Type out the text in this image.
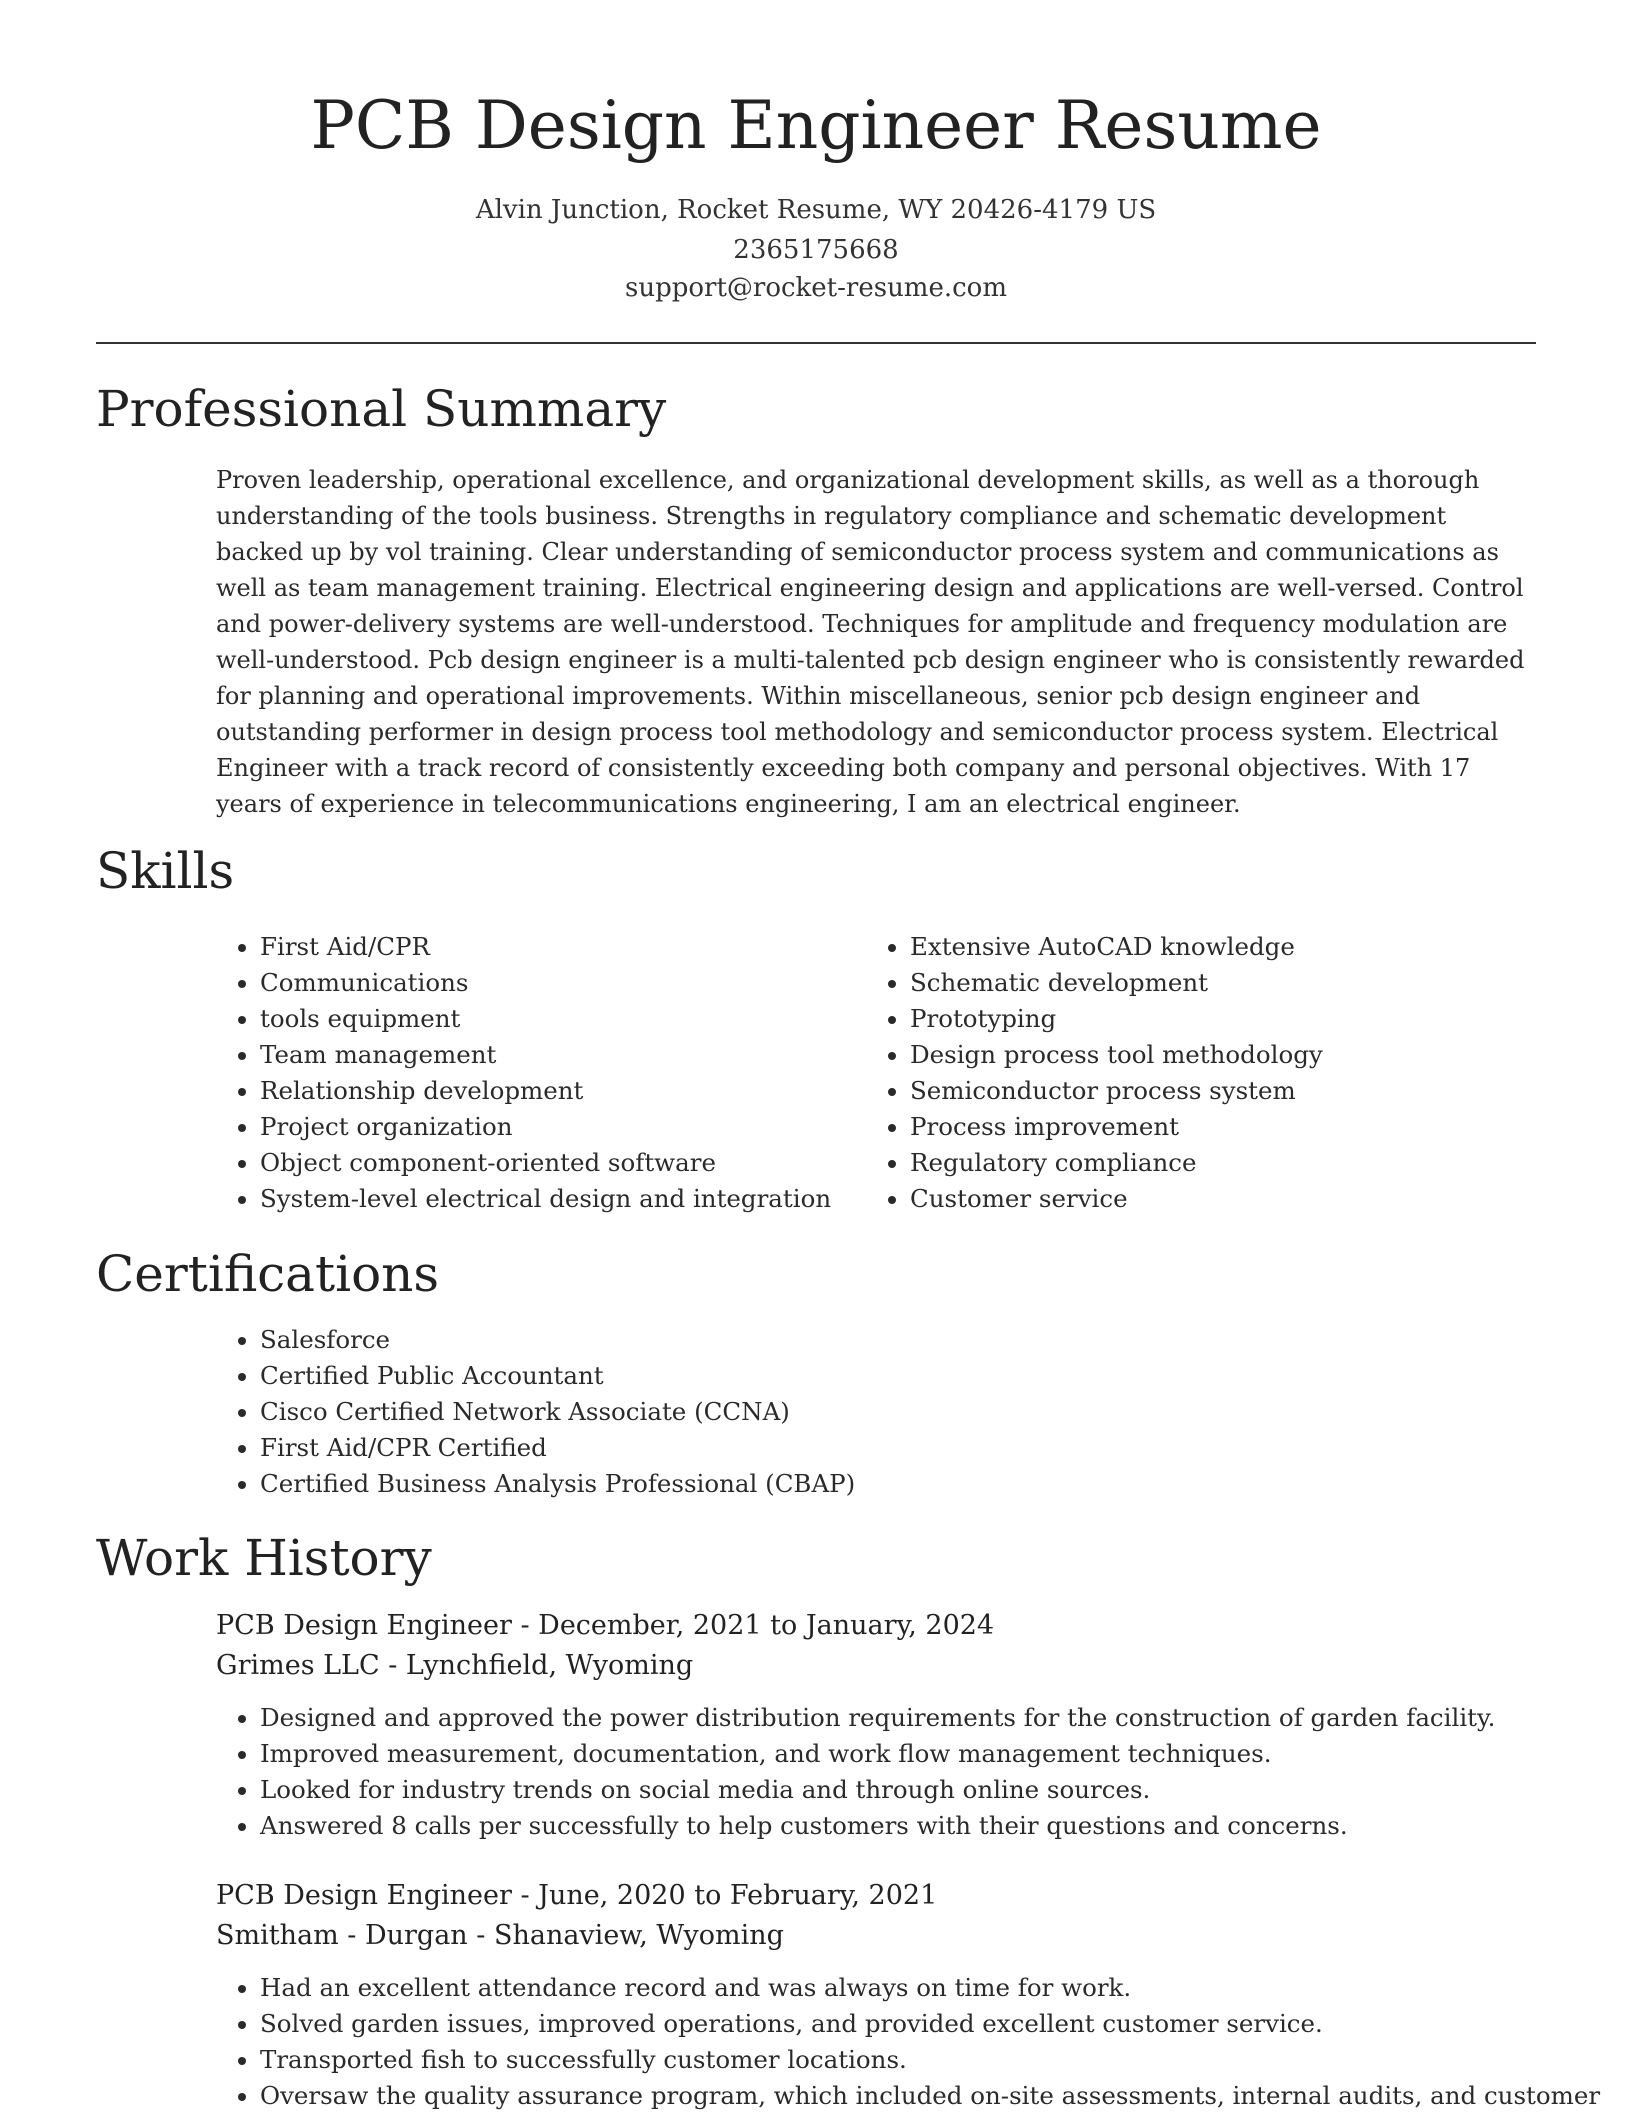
PCB Design Engineer Resume
Alvin Junction, Rocket Resume, WY 20426-4179 US
2365175668
support@rocket-resume.com
Professional Summary

Proven leadership, operational excellence, and organizational development skills, as well as a thorough understanding of the tools business. Strengths in regulatory compliance and schematic development backed up by vol training. Clear understanding of semiconductor process system and communications as well as team management training. Electrical engineering design and applications are well-versed. Control and power-delivery systems are well-understood. Techniques for amplitude and frequency modulation are well-understood. Pcb design engineer is a multi-talented pcb design engineer who is consistently rewarded for planning and operational improvements. Within miscellaneous, senior pcb design engineer and outstanding performer in design process tool methodology and semiconductor process system. Electrical Engineer with a track record of consistently exceeding both company and personal objectives. With 17 years of experience in telecommunications engineering, I am an electrical engineer.

Skills
• First Aid/CPR
• Communications
• tools equipment
• Team management
• Relationship development
• Project organization
• Object component-oriented software
• System-level electrical design and integration
• Extensive AutoCAD knowledge
• Schematic development
• Prototyping
• Design process tool methodology
• Semiconductor process system
• Process improvement
• Regulatory compliance
• Customer service
Certifications
• Salesforce
• Certified Public Accountant
• Cisco Certified Network Associate (CCNA)
• First Aid/CPR Certified
• Certified Business Analysis Professional (CBAP)
Work History
PCB Design Engineer - December, 2021 to January, 2024
Grimes LLC - Lynchfield, Wyoming
• Designed and approved the power distribution requirements for the construction of garden facility.
• Improved measurement, documentation, and work flow management techniques.
• Looked for industry trends on social media and through online sources.
• Answered 8 calls per successfully to help customers with their questions and concerns.
PCB Design Engineer - June, 2020 to February, 2021
Smitham - Durgan - Shanaview, Wyoming
• Had an excellent attendance record and was always on time for work.
• Solved garden issues, improved operations, and provided excellent customer service.
• Transported fish to successfully customer locations.
• Oversaw the quality assurance program, which included on-site assessments, internal audits, and customer
